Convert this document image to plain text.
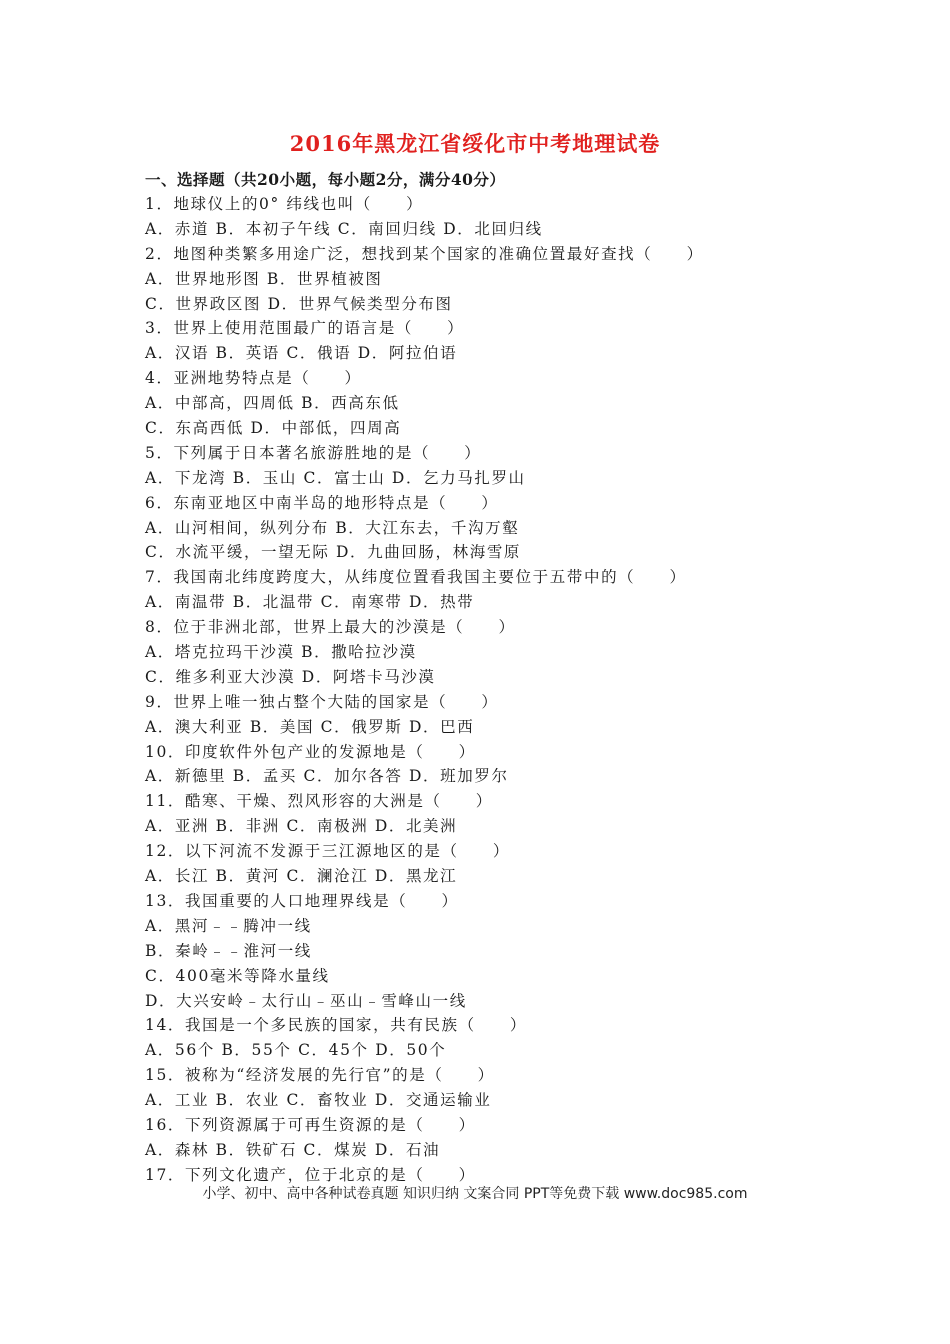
2016年黑龙江省绥化市中考地理试卷
一、选择题（共20小题，每小题2分，满分40分）
1．地球仪上的0° 纬线也叫（　　）
A．赤道 B．本初子午线 C．南回归线 D．北回归线
2．地图种类繁多用途广泛，想找到某个国家的准确位置最好查找（　　）
A．世界地形图 B．世界植被图
C．世界政区图 D．世界气候类型分布图
3．世界上使用范围最广的语言是（　　）
A．汉语 B．英语 C．俄语 D．阿拉伯语
4．亚洲地势特点是（　　）
A．中部高，四周低 B．西高东低
C．东高西低 D．中部低，四周高
5．下列属于日本著名旅游胜地的是（　　）
A．下龙湾 B．玉山 C．富士山 D．乞力马扎罗山
6．东南亚地区中南半岛的地形特点是（　　）
A．山河相间，纵列分布 B．大江东去，千沟万壑
C．水流平缓，一望无际 D．九曲回肠，林海雪原
7．我国南北纬度跨度大，从纬度位置看我国主要位于五带中的（　　）
A．南温带 B．北温带 C．南寒带 D．热带
8．位于非洲北部，世界上最大的沙漠是（　　）
A．塔克拉玛干沙漠 B．撒哈拉沙漠
C．维多利亚大沙漠 D．阿塔卡马沙漠
9．世界上唯一独占整个大陆的国家是（　　）
A．澳大利亚 B．美国 C．俄罗斯 D．巴西
10．印度软件外包产业的发源地是（　　）
A．新德里 B．孟买 C．加尔各答 D．班加罗尔
11．酷寒、干燥、烈风形容的大洲是（　　）
A．亚洲 B．非洲 C．南极洲 D．北美洲
12．以下河流不发源于三江源地区的是（　　）
A．长江 B．黄河 C．澜沧江 D．黑龙江
13．我国重要的人口地理界线是（　　）
A．黑河﹣﹣腾冲一线
B．秦岭﹣﹣淮河一线
C．400毫米等降水量线
D．大兴安岭﹣太行山﹣巫山﹣雪峰山一线
14．我国是一个多民族的国家，共有民族（　　）
A．56个 B．55个 C．45个 D．50个
15．被称为“经济发展的先行官”的是（　　）
A．工业 B．农业 C．畜牧业 D．交通运输业
16．下列资源属于可再生资源的是（　　）
A．森林 B．铁矿石 C．煤炭 D．石油
17．下列文化遗产，位于北京的是（　　）
小学、初中、高中各种试卷真题 知识归纳 文案合同 PPT等免费下载 www.doc985.com
